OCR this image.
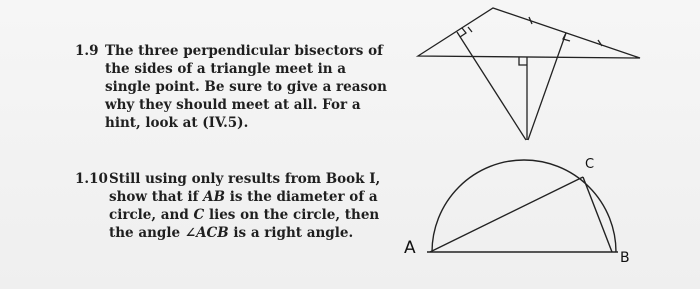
1.9 The three perpendicular bisectors of the sides of a triangle meet in a single point. Be sure to give a reason why they should meet at all. For a hint, look at (IV.5).
1.10 Still using only results from Book I, show that if AB is the diameter of a circle, and C lies on the circle, then the angle ∠ACB is a right angle.
A	B
C
